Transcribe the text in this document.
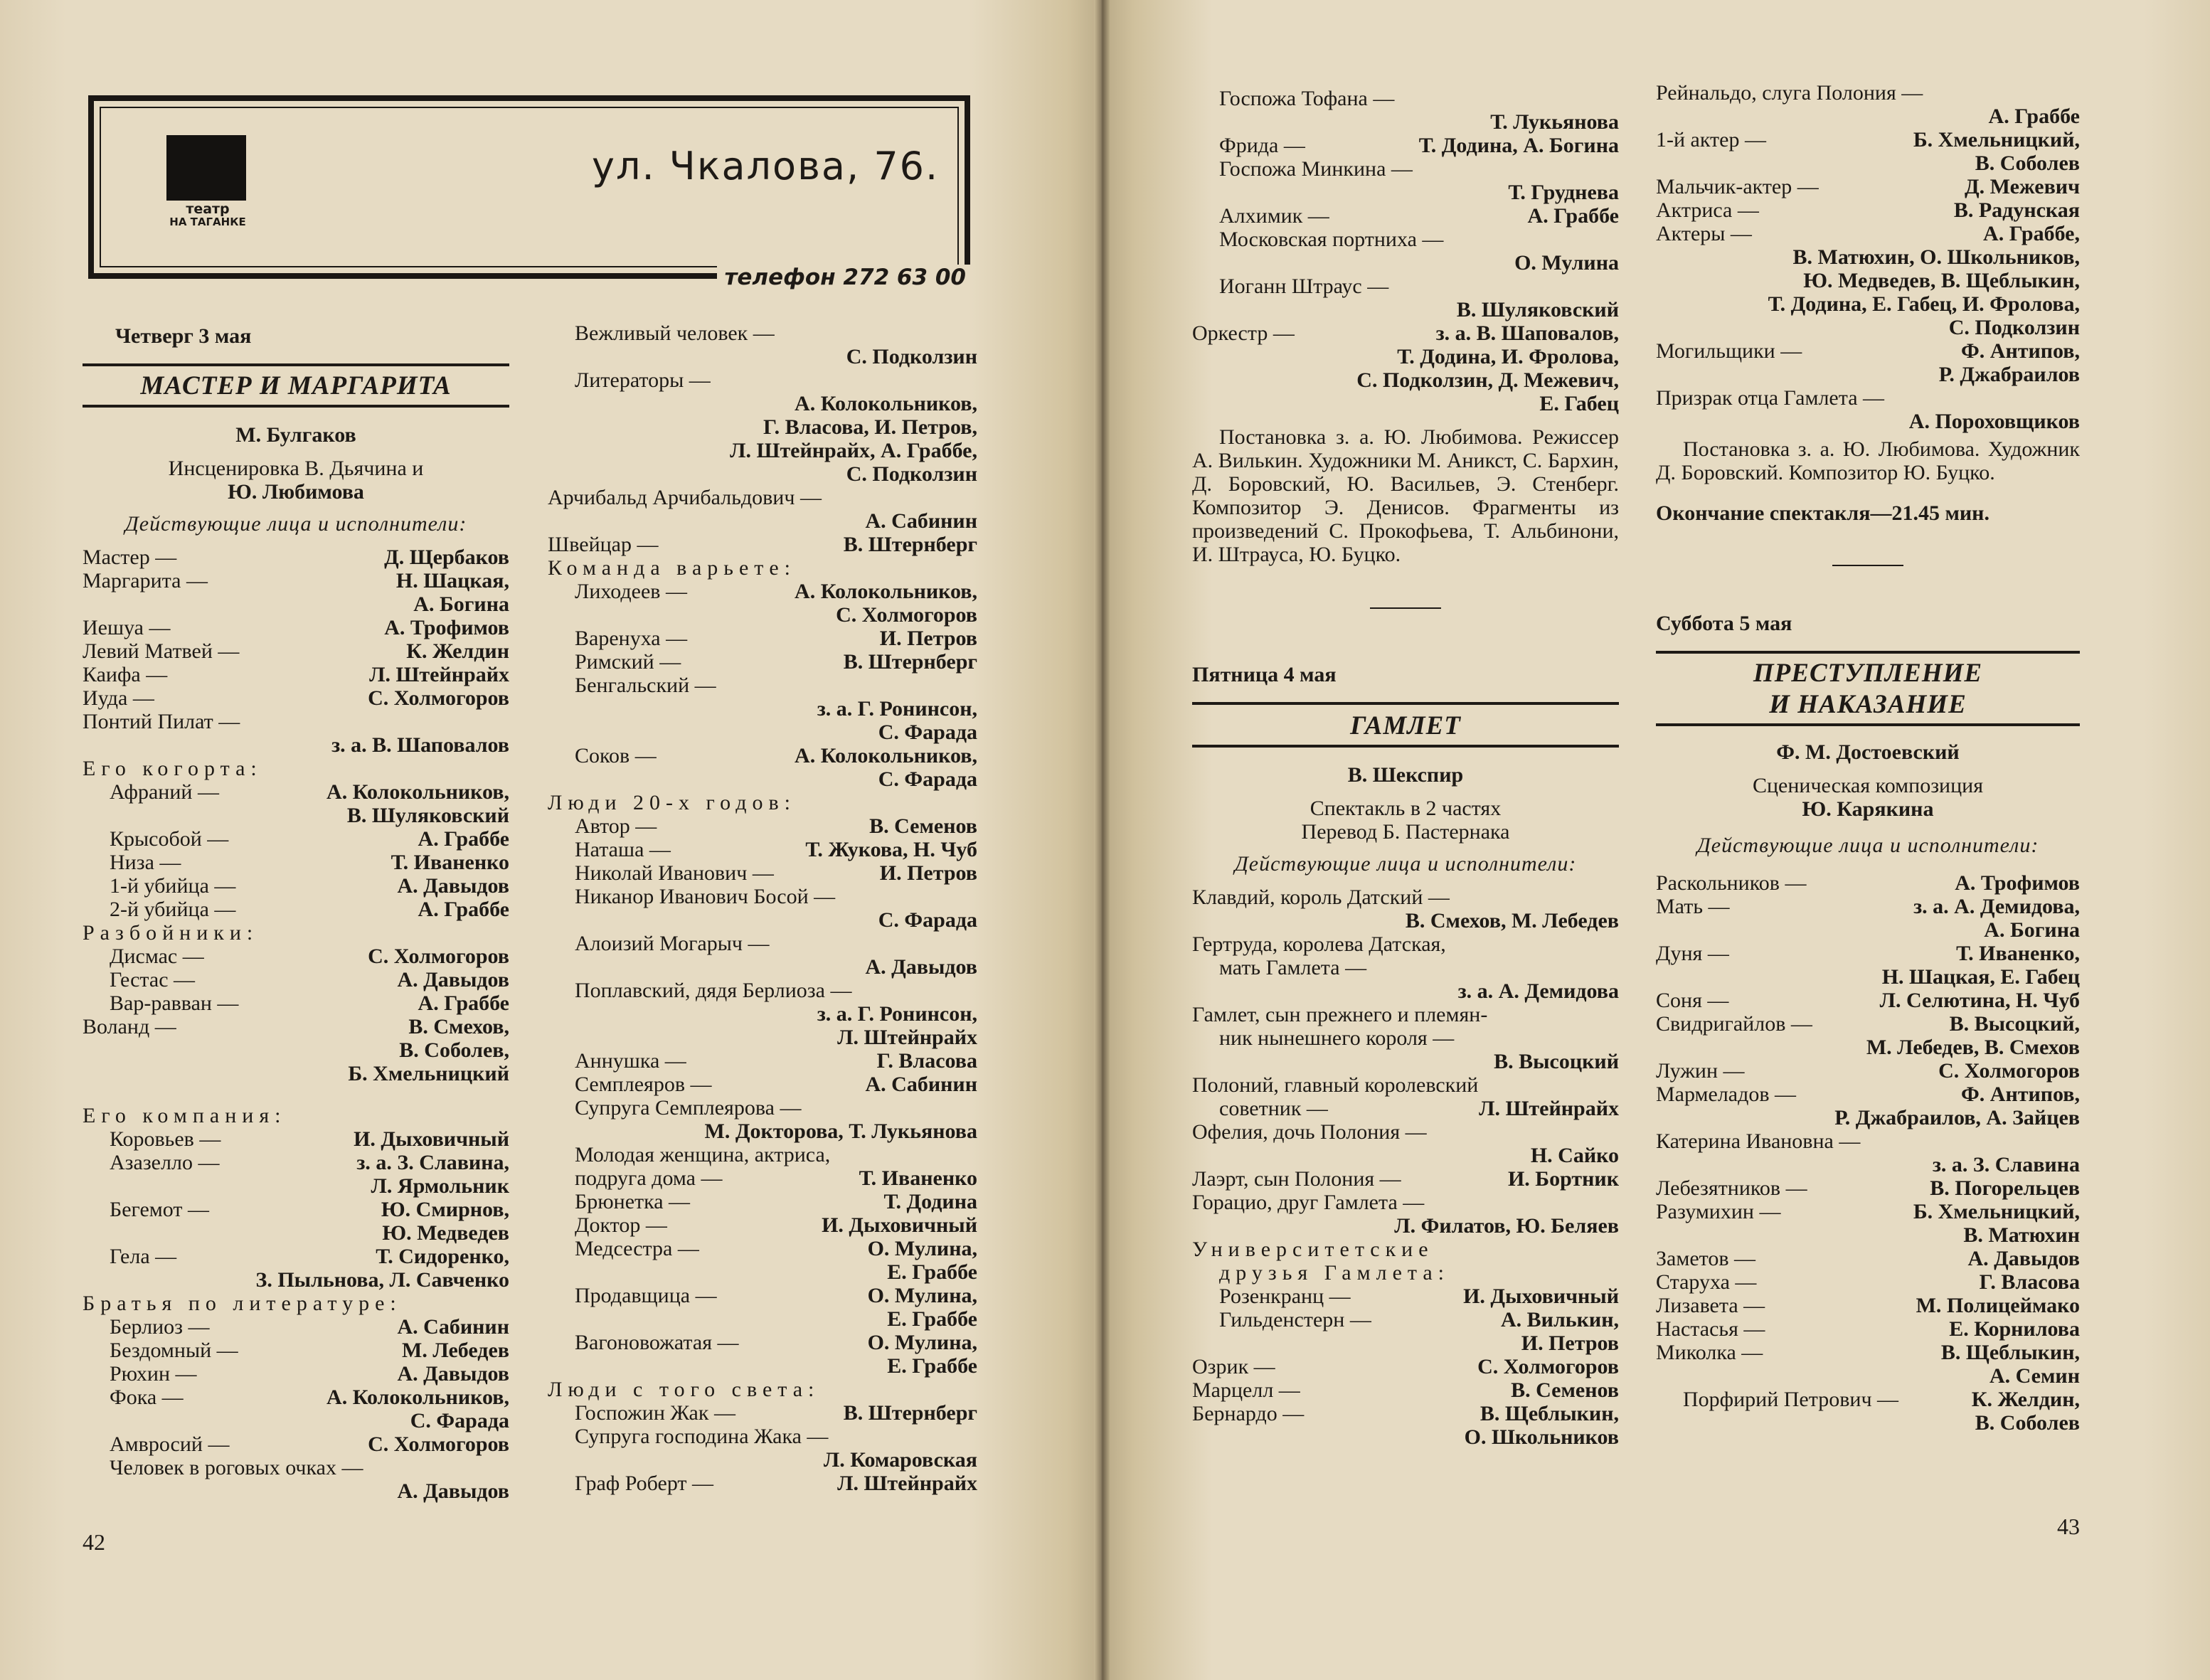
театр
НА ТАГАНКЕ
ул. Чкалова, 76.
телефон 272 63 00
Четверг 3 мая
МАСТЕР И МАРГАРИТА
М. Булгаков
Инсценировка В. Дьячина и
Ю. Любимова
Действующие лица и исполнители:
Мастер —	Д. Щербаков
Маргарита —	Н. Шацкая,
А. Богина
Иешуа —	А. Трофимов
Левий Матвей —	К. Желдин
Каифа —	Л. Штейнрайх
Иуда —	С. Холмогоров
Понтий Пилат —
з. а. В. Шаповалов
Его когорта:
Афраний —	А. Колокольников,
В. Шуляковский
Крысобой —	А. Граббе
Низа —	Т. Иваненко
1-й убийца —	А. Давыдов
2-й убийца —	А. Граббе
Разбойники:
Дисмас —	С. Холмогоров
Гестас —	А. Давыдов
Вар-равван —	А. Граббе
Воланд —	В. Смехов,
В. Соболев,
Б. Хмельницкий
Его компания:
Коровьев —	И. Дыховичный
Азазелло —	з. а. З. Славина,
Л. Ярмольник
Бегемот —	Ю. Смирнов,
Ю. Медведев
Гела —	Т. Сидоренко,
З. Пыльнова, Л. Савченко
Братья по литературе:
Берлиоз —	А. Сабинин
Бездомный —	М. Лебедев
Рюхин —	А. Давыдов
Фока —	А. Колокольников,
С. Фарада
Амвросий —	С. Холмогоров
Человек в роговых очках —
А. Давыдов
Вежливый человек —
С. Подколзин
Литераторы —
А. Колокольников,
Г. Власова, И. Петров,
Л. Штейнрайх, А. Граббе,
С. Подколзин
Арчибальд Арчибальдович —
А. Сабинин
Швейцар —	В. Штернберг
Команда варьете:
Лиходеев —	А. Колокольников,
С. Холмогоров
Варенуха —	И. Петров
Римский —	В. Штернберг
Бенгальский —
з. а. Г. Ронинсон,
С. Фарада
Соков —	А. Колокольников,
С. Фарада
Люди 20-х годов:
Автор —	В. Семенов
Наташа —	Т. Жукова, Н. Чуб
Николай Иванович —	И. Петров
Никанор Иванович Босой —
С. Фарада
Алоизий Могарыч —
А. Давыдов
Поплавский, дядя Берлиоза —
з. а. Г. Ронинсон,
Л. Штейнрайх
Аннушка —	Г. Власова
Семплеяров —	А. Сабинин
Супруга Семплеярова —
М. Докторова, Т. Лукьянова
Молодая женщина, актриса,
подруга дома —	Т. Иваненко
Брюнетка —	Т. Додина
Доктор —	И. Дыховичный
Медсестра —	О. Мулина,
Е. Граббе
Продавщица —	О. Мулина,
Е. Граббе
Вагоновожатая —	О. Мулина,
Е. Граббе
Люди с того света:
Госпожин Жак —	В. Штернберг
Супруга господина Жака —
Л. Комаровская
Граф Роберт —	Л. Штейнрайх
42
Госпожа Тофана —
Т. Лукьянова
Фрида —	Т. Додина, А. Богина
Госпожа Минкина —
Т. Груднева
Алхимик —	А. Граббе
Московская портниха —
О. Мулина
Иоганн Штраус —
В. Шуляковский
Оркестр —	з. а. В. Шаповалов,
Т. Додина, И. Фролова,
С. Подколзин, Д. Межевич,
Е. Габец
Постановка з. а. Ю. Любимова. Режиссер А. Вилькин. Художники М. Аникст, С. Бархин, Д. Боровский, Ю. Васильев, Э. Стенберг. Композитор Э. Денисов. Фрагменты из произведений С. Прокофьева, Т. Альбинони, И. Штрауса, Ю. Буцко.
Пятница 4 мая
ГАМЛЕТ
В. Шекспир
Спектакль в 2 частях
Перевод Б. Пастернака
Действующие лица и исполнители:
Клавдий, король Датский —
В. Смехов, М. Лебедев
Гертруда, королева Датская,
мать Гамлета —
з. а. А. Демидова
Гамлет, сын прежнего и племян-
ник нынешнего короля —
В. Высоцкий
Полоний, главный королевский
советник —	Л. Штейнрайх
Офелия, дочь Полония —
Н. Сайко
Лаэрт, сын Полония —	И. Бортник
Горацио, друг Гамлета —
Л. Филатов, Ю. Беляев
Университетские
друзья Гамлета:
Розенкранц —	И. Дыховичный
Гильденстерн —	А. Вилькин,
И. Петров
Озрик —	С. Холмогоров
Марцелл —	В. Семенов
Бернардо —	В. Щеблыкин,
О. Школьников
Рейнальдо, слуга Полония —
А. Граббе
1-й актер —	Б. Хмельницкий,
В. Соболев
Мальчик-актер —	Д. Межевич
Актриса —	В. Радунская
Актеры —	А. Граббе,
В. Матюхин, О. Школьников,
Ю. Медведев, В. Щеблыкин,
Т. Додина, Е. Габец, И. Фролова,
С. Подколзин
Могильщики —	Ф. Антипов,
Р. Джабраилов
Призрак отца Гамлета —
А. Пороховщиков
Постановка з. а. Ю. Любимова. Художник Д. Боровский. Композитор Ю. Буцко.
Окончание спектакля—21.45 мин.
Суббота 5 мая
ПРЕСТУПЛЕНИЕ
И НАКАЗАНИЕ
Ф. М. Достоевский
Сценическая композиция
Ю. Карякина
Действующие лица и исполнители:
Раскольников —	А. Трофимов
Мать —	з. а. А. Демидова,
А. Богина
Дуня —	Т. Иваненко,
Н. Шацкая, Е. Габец
Соня —	Л. Селютина, Н. Чуб
Свидригайлов —	В. Высоцкий,
М. Лебедев, В. Смехов
Лужин —	С. Холмогоров
Мармеладов —	Ф. Антипов,
Р. Джабраилов, А. Зайцев
Катерина Ивановна —
з. а. З. Славина
Лебезятников —	В. Погорельцев
Разумихин —	Б. Хмельницкий,
В. Матюхин
Заметов —	А. Давыдов
Старуха —	Г. Власова
Лизавета —	М. Полицеймако
Настасья —	Е. Корнилова
Миколка —	В. Щеблыкин,
А. Семин
Порфирий Петрович —	К. Желдин,
В. Соболев
43
